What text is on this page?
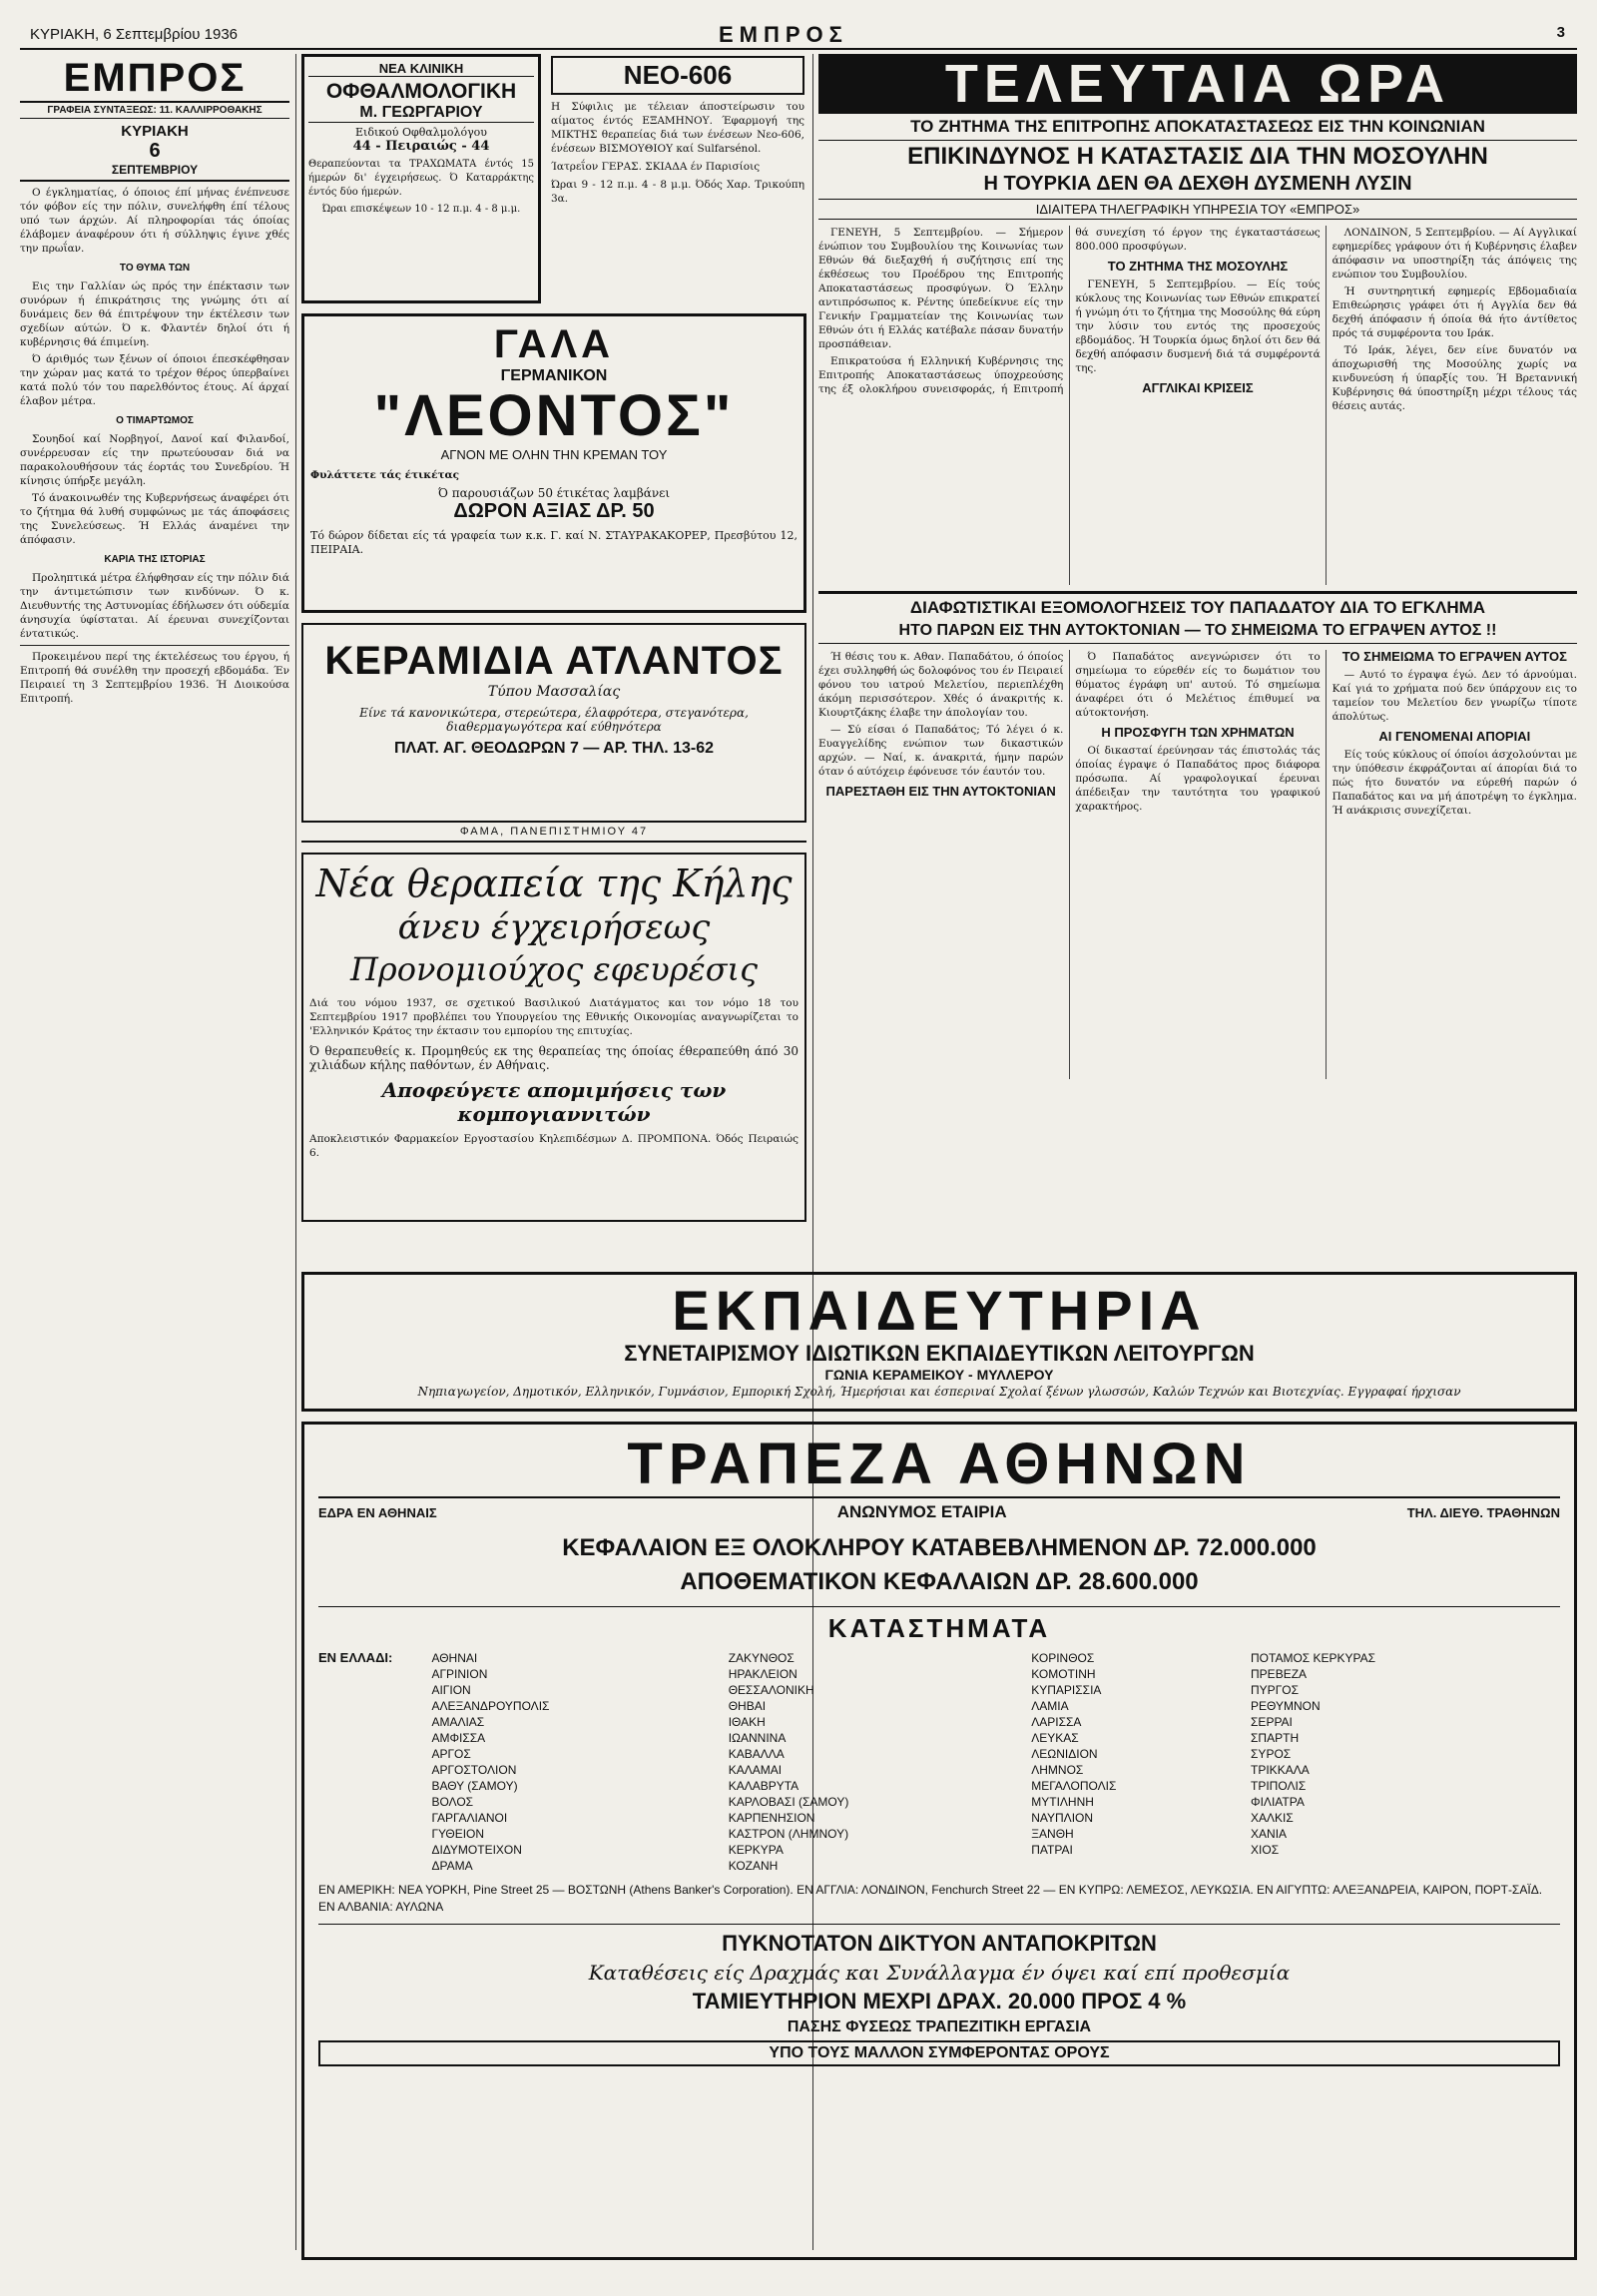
ΚΥΡΙΑΚΗ, 6 Σεπτεμβρίου 1936	ΕΜΠΡΟΣ	3
ΕΜΠΡΟΣ
ΓΡΑΦΕΙΑ ΣΥΝΤΑΞΕΩΣ: 11. ΚΑΛΛΙΡΡΟΘΑΚΗΣ
ΚΥΡΙΑΚΗ
6
ΣΕΠΤΕΜΒΡΙΟΥ

Ο έγκληματίας, ό όποιος έπί μήνας ένέπνευσε τόν φόβον είς την πόλιν, συνελήφθη έπί τέλους υπό των άρχών. Αί πληροφορίαι τάς όποίας έλάβομεν άναφέρουν ότι ή σύλληψις έγινε χθές την πρωΐαν.

ΤΟ ΘΥΜΑ ΤΩΝ

Εις την Γαλλίαν ώς πρός την έπέκτασιν των συνόρων ή έπικράτησις της γνώμης ότι αί δυνάμεις δεν θά έπιτρέψουν την έκτέλεσιν των σχεδίων αύτών. Ό κ. Φλαντέν δηλοί ότι ή κυβέρνησις θά έπιμείνη.

Ό άριθμός των ξένων οί όποιοι έπεσκέφθησαν την χώραν μας κατά το τρέχον θέρος ύπερβαίνει κατά πολύ τόν του παρελθόντος έτους. Αί άρχαί έλαβον μέτρα.

Ο ΤΙΜΑΡΤΩΜΟΣ

Σουηδοί καί Νορβηγοί, Δανοί καί Φιλανδοί, συνέρρευσαν είς την πρωτεύουσαν διά να παρακολουθήσουν τάς έορτάς του Συνεδρίου. Ή κίνησις ύπήρξε μεγάλη.

Τό άνακοινωθέν της Κυβερνήσεως άναφέρει ότι το ζήτημα θά λυθή συμφώνως με τάς άποφάσεις της Συνελεύσεως. Ή Ελλάς άναμένει την άπόφασιν.

ΚΑΡΙΑ ΤΗΣ ΙΣΤΟΡΙΑΣ

Προληπτικά μέτρα έλήφθησαν είς την πόλιν διά την άντιμετώπισιν των κινδύνων. Ό κ. Διευθυντής της Αστυνομίας έδήλωσεν ότι ούδεμία άνησυχία ύφίσταται. Αί έρευναι συνεχίζονται έντατικώς.

Προκειμένου περί της έκτελέσεως του έργου, ή Επιτροπή θά συνέλθη την προσεχή εβδομάδα. Έν Πειραιεί τη 3 Σεπτεμβρίου 1936. Ή Διοικούσα Επιτροπή.

ΝΕΑ ΚΛΙΝΙΚΗ
ΟΦΘΑΛΜΟΛΟΓΙΚΗ
Μ. ΓΕΩΡΓΑΡΙΟΥ
Ειδικού Οφθαλμολόγου
44 - Πειραιώς - 44
Θεραπεύονται τα ΤΡΑΧΩΜΑΤΑ έντός 15 ήμερών δι' έγχειρήσεως. Ό Καταρράκτης έντός δύο ήμερών.
Ώραι επισκέψεων 10 - 12 π.μ. 4 - 8 μ.μ.
ΝΕΟ-606
Η Σύφιλις με τέλειαν άποστείρωσιν του αίματος έντός ΕΞΑΜΗΝΟΥ. Έφαρμογή της ΜΙΚΤΗΣ θεραπείας διά των ένέσεων Νεο-606, ένέσεων ΒΙΣΜΟΥΘΙΟΥ καί Sulfarsénol.
Ίατρεΐον ΓΕΡΑΣ. ΣΚΙΑΔΑ έν Παρισίοις
Ώραι 9 - 12 π.μ. 4 - 8 μ.μ. Όδός Χαρ. Τρικούπη 3α.
ΓΑΛΑ
ΓΕΡΜΑΝΙΚΟΝ
"ΛΕΟΝΤΟΣ"
ΑΓΝΟΝ ΜΕ ΟΛΗΝ ΤΗΝ ΚΡΕΜΑΝ ΤΟΥ
Φυλάττετε τάς έτικέτας
Ό παρουσιάζων 50 έτικέτας λαμβάνει
ΔΩΡΟΝ ΑΞΙΑΣ ΔΡ. 50
Τό δώρον δίδεται είς τά γραφεία των κ.κ. Γ. καί Ν. ΣΤΑΥΡΑΚΑΚΟΡΕΡ, Πρεσβύτου 12, ΠΕΙΡΑΙΑ.
ΚΕΡΑΜΙΔΙΑ ΑΤΛΑΝΤΟΣ
Τύπου Μασσαλίας
Είνε τά κανονικώτερα, στερεώτερα, έλαφρότερα, στεγανότερα, διαθερμαγωγότερα καί εύθηνότερα
ΠΛΑΤ. ΑΓ. ΘΕΟΔΩΡΩΝ 7 — ΑΡ. ΤΗΛ. 13-62
ΦΑΜΑ, ΠΑΝΕΠΙΣΤΗΜΙΟΥ 47
Νέα θεραπεία της Κήλης
άνευ έγχειρήσεως
Προνομιούχος εφευρέσις
Διά του νόμου 1937, σε σχετικού Βασιλικού Διατάγματος και τον νόμο 18 του Σεπτεμβρίου 1917 προβλέπει του Υπουργείου της Εθνικής Οικονομίας αναγνωρίζεται το 'Ελληνικόν Κράτος την έκτασιν του εμπορίου της επιτυχίας.
Ό θεραπευθείς κ. Προμηθεύς εκ της θεραπείας της όποίας έθεραπεύθη άπό 30 χιλιάδων κήλης παθόντων, έν Αθήναις.
Αποφεύγετε απομιμήσεις των κομπογιαννιτών
Αποκλειστικόν Φαρμακείον Εργοστασίου Κηλεπιδέσμων Δ. ΠΡΟΜΠΟΝΑ. Όδός Πειραιώς 6.
ΤΕΛΕΥΤΑΙΑ ΩΡΑ
ΤΟ ΖΗΤΗΜΑ ΤΗΣ ΕΠΙΤΡΟΠΗΣ ΑΠΟΚΑΤΑΣΤΑΣΕΩΣ ΕΙΣ ΤΗΝ ΚΟΙΝΩΝΙΑΝ
ΕΠΙΚΙΝΔΥΝΟΣ Η ΚΑΤΑΣΤΑΣΙΣ ΔΙΑ ΤΗΝ ΜΟΣΟΥΛΗΝ
Η ΤΟΥΡΚΙΑ ΔΕΝ ΘΑ ΔΕΧΘΗ ΔΥΣΜΕΝΗ ΛΥΣΙΝ
ΙΔΙΑΙΤΕΡΑ ΤΗΛΕΓΡΑΦΙΚΗ ΥΠΗΡΕΣΙΑ ΤΟΥ «ΕΜΠΡΟΣ»

ΓΕΝΕΥΗ, 5 Σεπτεμβρίου. — Σήμερον ένώπιον του Συμβουλίου της Κοινωνίας των Εθνών θά διεξαχθή ή συζήτησις επί της έκθέσεως του Προέδρου της Επιτροπής Αποκαταστάσεως προσφύγων. Ό Έλλην αντιπρόσωπος κ. Ρέντης ύπεδείκνυε είς την Γενικήν Γραμματείαν της Κοινωνίας των Εθνών ότι ή Ελλάς κατέβαλε πάσαν δυνατήν προσπάθειαν.

Επικρατούσα ή Ελληνική Κυβέρνησις της Επιτροπής Αποκαταστάσεως ύποχρεούσης της έξ ολοκλήρου συνεισφοράς, ή Επιτροπή θά συνεχίση τό έργον της έγκαταστάσεως 800.000 προσφύγων.

ΤΟ ΖΗΤΗΜΑ ΤΗΣ ΜΟΣΟΥΛΗΣ

ΓΕΝΕΥΗ, 5 Σεπτεμβρίου. — Είς τούς κύκλους της Κοινωνίας των Εθνών επικρατεί ή γνώμη ότι το ζήτημα της Μοσούλης θά εύρη την λύσιν του εντός της προσεχούς εβδομάδος. Ή Τουρκία όμως δηλοί ότι δεν θά δεχθή απόφασιν δυσμενή διά τά συμφέροντά της.

ΑΓΓΛΙΚΑΙ ΚΡΙΣΕΙΣ

ΛΟΝΔΙΝΟΝ, 5 Σεπτεμβρίου. — Αί Αγγλικαί εφημερίδες γράφουν ότι ή Κυβέρνησις έλαβεν άπόφασιν να υποστηρίξη τάς άπόψεις της ενώπιον του Συμβουλίου.

Ή συντηρητική εφημερίς Εβδομαδιαία Επιθεώρησις γράφει ότι ή Αγγλία δεν θά δεχθή άπόφασιν ή όποία θά ήτο άντίθετος πρός τά συμφέροντα του Ιράκ.

Τό Ιράκ, λέγει, δεν είνε δυνατόν να άποχωρισθή της Μοσούλης χωρίς να κινδυνεύση ή ύπαρξίς του. Ή Βρεταννική Κυβέρνησις θά ύποστηρίξη μέχρι τέλους τάς θέσεις αυτάς.

ΔΙΑΦΩΤΙΣΤΙΚΑΙ ΕΞΟΜΟΛΟΓΗΣΕΙΣ ΤΟΥ ΠΑΠΑΔΑΤΟΥ ΔΙΑ ΤΟ ΕΓΚΛΗΜΑ
ΗΤΟ ΠΑΡΩΝ ΕΙΣ ΤΗΝ ΑΥΤΟΚΤΟΝΙΑΝ — ΤΟ ΣΗΜΕΙΩΜΑ ΤΟ ΕΓΡΑΨΕΝ ΑΥΤΟΣ !!

Ή θέσις του κ. Αθαν. Παπαδάτου, ό όποίος έχει συλληφθή ώς δολοφόνος του έν Πειραιεί φόνου του ιατρού Μελετίου, περιεπλέχθη άκόμη περισσότερον. Χθές ό άνακριτής κ. Κιουρτζάκης έλαβε την άπολογίαν του.

— Σύ είσαι ό Παπαδάτος; Τό λέγει ό κ. Ευαγγελίδης ενώπιον των δικαστικών αρχών. — Ναί, κ. άνακριτά, ήμην παρών όταν ό αύτόχειρ έφόνευσε τόν έαυτόν του.

ΠΑΡΕΣΤΑΘΗ ΕΙΣ ΤΗΝ ΑΥΤΟΚΤΟΝΙΑΝ

Ό Παπαδάτος ανεγνώρισεν ότι το σημείωμα το εύρεθέν είς το δωμάτιον του θύματος έγράφη υπ' αυτού. Τό σημείωμα άναφέρει ότι ό Μελέτιος έπιθυμεί να αύτοκτονήση.

Η ΠΡΟΣΦΥΓΗ ΤΩΝ ΧΡΗΜΑΤΩΝ

Οί δικασταί έρεύνησαν τάς έπιστολάς τάς όποίας έγραψε ό Παπαδάτος προς διάφορα πρόσωπα. Αί γραφολογικαί έρευναι άπέδειξαν την ταυτότητα του γραφικού χαρακτήρος.

ΤΟ ΣΗΜΕΙΩΜΑ ΤΟ ΕΓΡΑΨΕΝ ΑΥΤΟΣ

— Αυτό το έγραψα έγώ. Δεν τό άρνούμαι. Καί γιά το χρήματα πού δεν ύπάρχουν εις το ταμείον του Μελετίου δεν γνωρίζω τίποτε άπολύτως.

ΑΙ ΓΕΝΟΜΕΝΑΙ ΑΠΟΡΙΑΙ

Είς τούς κύκλους οί όποίοι άσχολούνται με την ύπόθεσιν έκφράζονται αί άπορίαι διά το πώς ήτο δυνατόν να εύρεθή παρών ό Παπαδάτος και να μή άποτρέψη το έγκλημα. Ή ανάκρισις συνεχίζεται.

ΕΚΠΑΙΔΕΥΤΗΡΙΑ
ΣΥΝΕΤΑΙΡΙΣΜΟΥ ΙΔΙΩΤΙΚΩΝ ΕΚΠΑΙΔΕΥΤΙΚΩΝ ΛΕΙΤΟΥΡΓΩΝ
ΓΩΝΙΑ ΚΕΡΑΜΕΙΚΟΥ - ΜΥΛΛΕΡΟΥ
Νηπιαγωγείον, Δημοτικόν, Ελληνικόν, Γυμνάσιον, Εμπορική Σχολή, Ήμερήσιαι και έσπεριναί Σχολαί ξένων γλωσσών, Καλών Τεχνών και Βιοτεχνίας. Εγγραφαί ήρχισαν
ΤΡΑΠΕΖΑ ΑΘΗΝΩΝ
ΕΔΡΑ ΕΝ ΑΘΗΝΑΙΣ	ΑΝΩΝΥΜΟΣ ΕΤΑΙΡΙΑ	ΤΗΛ. ΔΙΕΥΘ. ΤΡΑΘΗΝΩΝ
ΚΕΦΑΛΑΙΟΝ ΕΞ ΟΛΟΚΛΗΡΟΥ ΚΑΤΑΒΕΒΛΗΜΕΝΟΝ ΔΡ. 72.000.000
ΑΠΟΘΕΜΑΤΙΚΟΝ ΚΕΦΑΛΑΙΩΝ ΔΡ. 28.600.000
ΚΑΤΑΣΤΗΜΑΤΑ
ΕΝ ΕΛΛΑΔΙ:	ΑΘΗΝΑΙ	ΖΑΚΥΝΘΟΣ	ΚΟΡΙΝΘΟΣ	ΠΟΤΑΜΟΣ ΚΕΡΚΥΡΑΣ
ΑΓΡΙΝΙΟΝ	ΗΡΑΚΛΕΙΟΝ	ΚΟΜΟΤΙΝΗ	ΠΡΕΒΕΖΑ
ΑΙΓΙΟΝ	ΘΕΣΣΑΛΟΝΙΚΗ	ΚΥΠΑΡΙΣΣΙΑ	ΠΥΡΓΟΣ
ΑΛΕΞΑΝΔΡΟΥΠΟΛΙΣ	ΘΗΒΑΙ	ΛΑΜΙΑ	ΡΕΘΥΜΝΟΝ
ΑΜΑΛΙΑΣ	ΙΘΑΚΗ	ΛΑΡΙΣΣΑ	ΣΕΡΡΑΙ
ΑΜΦΙΣΣΑ	ΙΩΑΝΝΙΝΑ	ΛΕΥΚΑΣ	ΣΠΑΡΤΗ
ΑΡΓΟΣ	ΚΑΒΑΛΛΑ	ΛΕΩΝΙΔΙΟΝ	ΣΥΡΟΣ
ΑΡΓΟΣΤΟΛΙΟΝ	ΚΑΛΑΜΑΙ	ΛΗΜΝΟΣ	ΤΡΙΚΚΑΛΑ
ΒΑΘΥ (ΣΑΜΟΥ)	ΚΑΛΑΒΡΥΤΑ	ΜΕΓΑΛΟΠΟΛΙΣ	ΤΡΙΠΟΛΙΣ
ΒΟΛΟΣ	ΚΑΡΛΟΒΑΣΙ (ΣΑΜΟΥ)	ΜΥΤΙΛΗΝΗ	ΦΙΛΙΑΤΡΑ
ΓΑΡΓΑΛΙΑΝΟΙ	ΚΑΡΠΕΝΗΣΙΟΝ	ΝΑΥΠΛΙΟΝ	ΧΑΛΚΙΣ
ΓΥΘΕΙΟΝ	ΚΑΣΤΡΟΝ (ΛΗΜΝΟΥ)	ΞΑΝΘΗ	ΧΑΝΙΑ
ΔΙΔΥΜΟΤΕΙΧΟΝ	ΚΕΡΚΥΡΑ	ΠΑΤΡΑΙ	ΧΙΟΣ
ΔΡΑΜΑ	ΚΟΖΑΝΗ		
ΕΝ ΑΜΕΡΙΚΗ: ΝΕΑ ΥΟΡΚΗ, Pine Street 25 — ΒΟΣΤΩΝΗ (Athens Banker's Corporation). ΕΝ ΑΓΓΛΙΑ: ΛΟΝΔΙΝΟΝ, Fenchurch Street 22 — ΕΝ ΚΥΠΡΩ: ΛΕΜΕΣΟΣ, ΛΕΥΚΩΣΙΑ. ΕΝ ΑΙΓΥΠΤΩ: ΑΛΕΞΑΝΔΡΕΙΑ, ΚΑΙΡΟΝ, ΠΟΡΤ-ΣΑΪΔ. ΕΝ ΑΛΒΑΝΙΑ: ΑΥΛΩΝΑ
ΠΥΚΝΟΤΑΤΟΝ ΔΙΚΤΥΟΝ ΑΝΤΑΠΟΚΡΙΤΩΝ
Καταθέσεις είς Δραχμάς και Συνάλλαγμα έν όψει καί επί προθεσμία
ΤΑΜΙΕΥΤΗΡΙΟΝ ΜΕΧΡΙ ΔΡΑΧ. 20.000 ΠΡΟΣ 4 %
ΠΑΣΗΣ ΦΥΣΕΩΣ ΤΡΑΠΕΖΙΤΙΚΗ ΕΡΓΑΣΙΑ
ΥΠΟ ΤΟΥΣ ΜΑΛΛΟΝ ΣΥΜΦΕΡΟΝΤΑΣ ΟΡΟΥΣ
